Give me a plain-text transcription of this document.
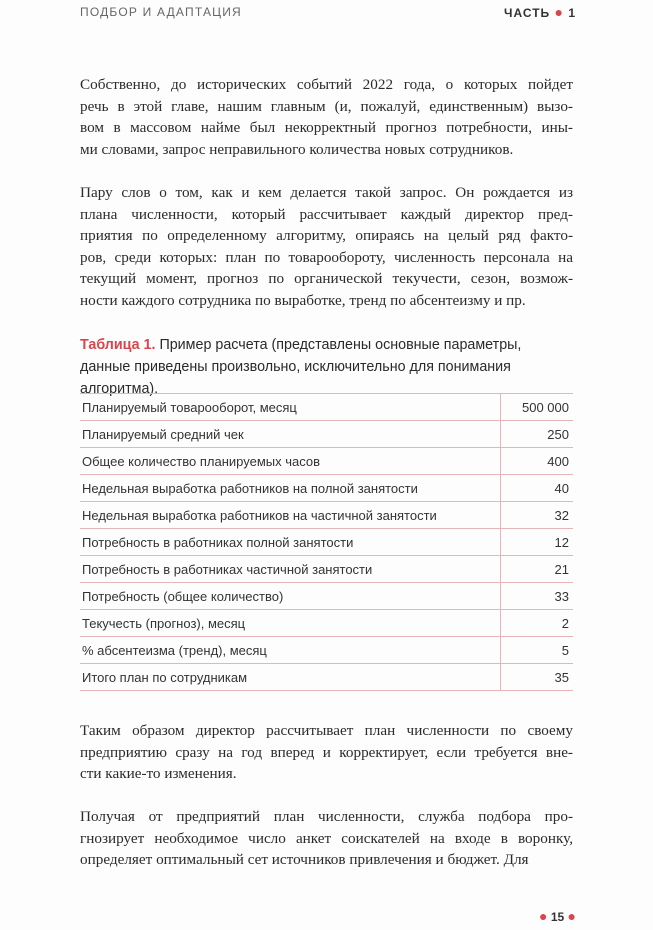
ПОДБОР И АДАПТАЦИЯ	ЧАСТЬ ● 1
Собственно, до исторических событий 2022 года, о которых пойдет
речь в этой главе, нашим главным (и, пожалуй, единственным) вызо-
вом в массовом найме был некорректный прогноз потребности, ины-
ми словами, запрос неправильного количества новых сотрудников.
Пару слов о том, как и кем делается такой запрос. Он рождается из
плана численности, который рассчитывает каждый директор пред-
приятия по определенному алгоритму, опираясь на целый ряд факто-
ров, среди которых: план по товарообороту, численность персонала на
текущий момент, прогноз по органической текучести, сезон, возмож-
ности каждого сотрудника по выработке, тренд по абсентеизму и пр.
Таблица 1. Пример расчета (представлены основные параметры, данные приведены произвольно, исключительно для понимания алгоритма).
Планируемый товарооборот, месяц	500 000
Планируемый средний чек	250
Общее количество планируемых часов	400
Недельная выработка работников на полной занятости	40
Недельная выработка работников на частичной занятости	32
Потребность в работниках полной занятости	12
Потребность в работниках частичной занятости	21
Потребность (общее количество)	33
Текучесть (прогноз), месяц	2
% абсентеизма (тренд), месяц	5
Итого план по сотрудникам	35
Таким образом директор рассчитывает план численности по своему
предприятию сразу на год вперед и корректирует, если требуется вне-
сти какие-то изменения.
Получая от предприятий план численности, служба подбора про-
гнозирует необходимое число анкет соискателей на входе в воронку,
определяет оптимальный сет источников привлечения и бюджет. Для
● 15 ●
